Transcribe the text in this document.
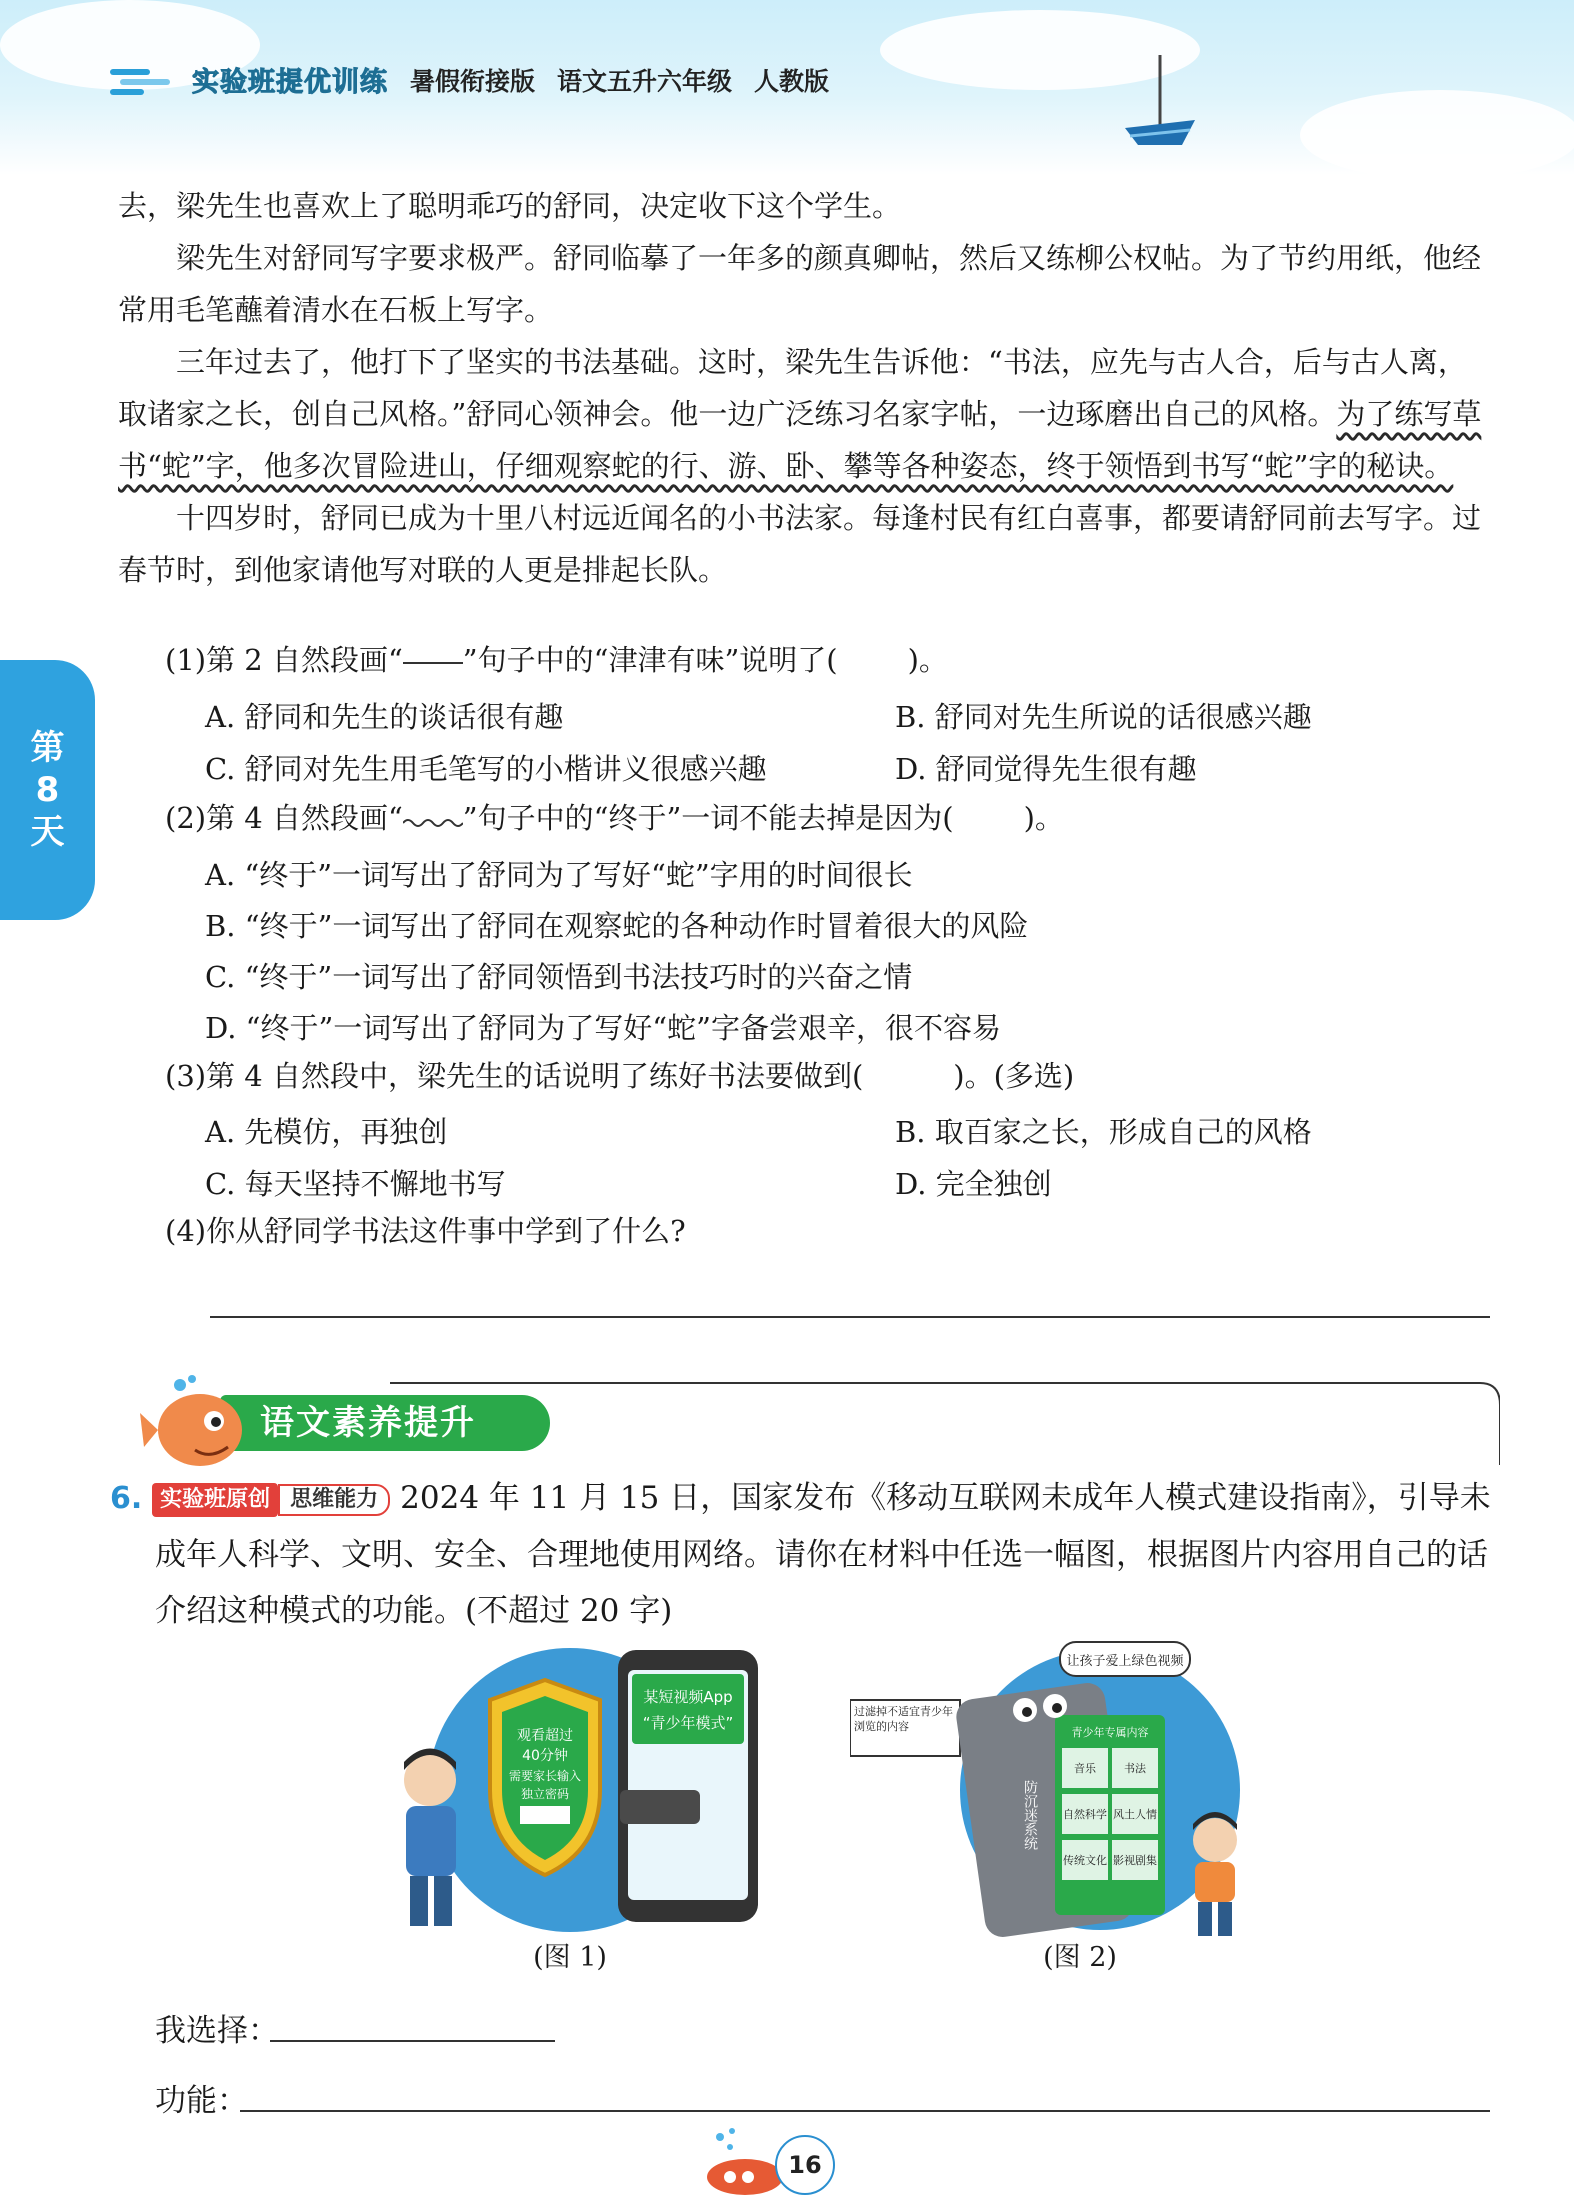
实验班提优训练 暑假衔接版 语文五升六年级 人教版
第
8
天

去，梁先生也喜欢上了聪明乖巧的舒同，决定收下这个学生。

梁先生对舒同写字要求极严。舒同临摹了一年多的颜真卿帖，然后又练柳公权帖。为了节约用纸，他经常用毛笔蘸着清水在石板上写字。

三年过去了，他打下了坚实的书法基础。这时，梁先生告诉他：“书法，应先与古人合，后与古人离，取诸家之长，创自己风格。”舒同心领神会。他一边广泛练习名家字帖，一边琢磨出自己的风格。为了练写草书“蛇”字，他多次冒险进山，仔细观察蛇的行、游、卧、攀等各种姿态，终于领悟到书写“蛇”字的秘诀。

十四岁时，舒同已成为十里八村远近闻名的小书法家。每逢村民有红白喜事，都要请舒同前去写字。过春节时，到他家请他写对联的人更是排起长队。

(1)第 2 自然段画“ ”句子中的“津津有味”说明了( )。
A. 舒同和先生的谈话很有趣	B. 舒同对先生所说的话很感兴趣
C. 舒同对先生用毛笔写的小楷讲义很感兴趣	D. 舒同觉得先生很有趣
(2)第 4 自然段画“ ”句子中的“终于”一词不能去掉是因为( )。
A. “终于”一词写出了舒同为了写好“蛇”字用的时间很长
B. “终于”一词写出了舒同在观察蛇的各种动作时冒着很大的风险
C. “终于”一词写出了舒同领悟到书法技巧时的兴奋之情
D. “终于”一词写出了舒同为了写好“蛇”字备尝艰辛，很不容易
(3)第 4 自然段中，梁先生的话说明了练好书法要做到(	)。(多选)
A. 先模仿，再独创	B. 取百家之长，形成自己的风格
C. 每天坚持不懈地书写	D. 完全独创
(4)你从舒同学书法这件事中学到了什么?
语文素养提升
6. 实验班原创 思维能力 2024 年 11 月 15 日，国家发布《移动互联网未成年人模式建设指南》，引导未
成年人科学、文明、安全、合理地使用网络。请你在材料中任选一幅图，根据图片内容用自己的话
介绍这种模式的功能。(不超过 20 字)
某短视频App
“青少年模式”
观看超过
40分钟
需要家长输入
独立密码
(图 1)
让孩子爱上绿色视频
过滤掉不适宜青少年浏览的内容	青少年专属内容
音乐	书法
自然科学 风土人情
传统文化 影视剧集
防沉迷系统
(图 2)
我选择：
功能：
16
